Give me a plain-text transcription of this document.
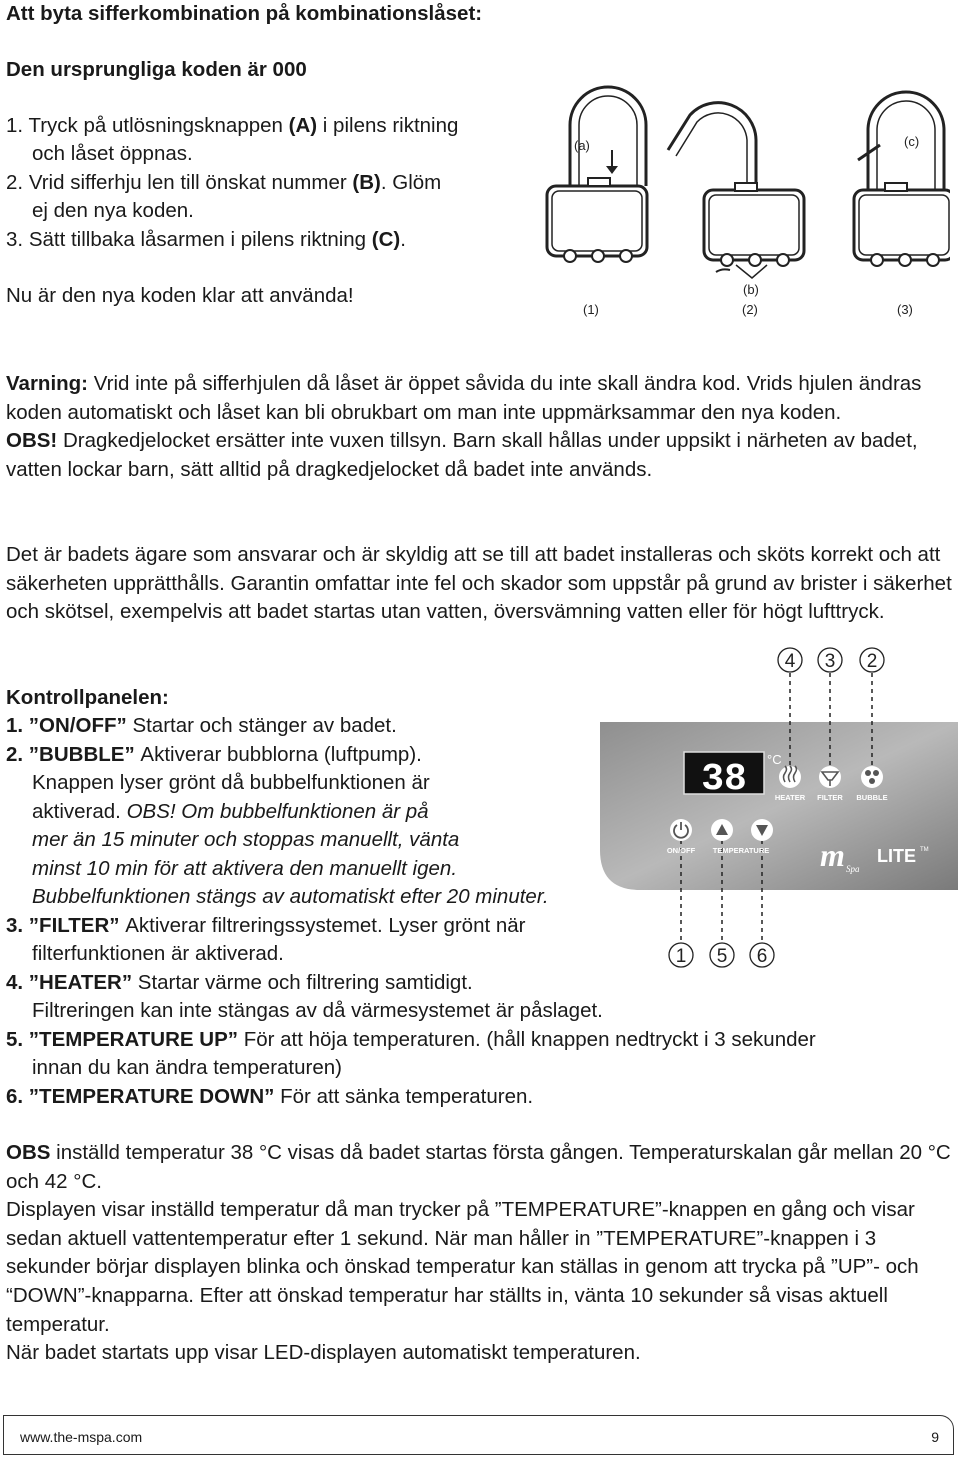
Att byta sifferkombination på kombinationslåset:
Den ursprungliga koden är 000
1. Tryck på utlösningsknappen (A) i pilens riktning
och låset öppnas.
2. Vrid sifferhju len till önskat nummer (B). Glöm
ej den nya koden.
3. Sätt tillbaka låsarmen i pilens riktning (C).
Nu är den nya koden klar att använda!
(a)
(b)
(c)
(1)	(2)	(3)
Varning: Vrid inte på sifferhjulen då låset är öppet såvida du inte skall ändra kod. Vrids hjulen ändras koden automatiskt och låset kan bli obrukbart om man inte uppmärksammar den nya koden.
OBS! Dragkedjelocket ersätter inte vuxen tillsyn. Barn skall hållas under uppsikt i närheten av badet, vatten lockar barn, sätt alltid på dragkedjelocket då badet inte används.
Det är badets ägare som ansvarar och är skyldig att se till att badet installeras och sköts korrekt och att säkerheten upprätthålls. Garantin omfattar inte fel och skador som uppstår på grund av brister i säkerhet och skötsel, exempelvis att badet startas utan vatten, översvämning vatten eller för högt lufttryck.
Kontrollpanelen:
1. ”ON/OFF” Startar och stänger av badet.
2. ”BUBBLE” Aktiverar bubblorna (luftpump).
Knappen lyser grönt då bubbelfunktionen är
aktiverad. OBS! Om bubbelfunktionen är på
mer än 15 minuter och stoppas manuellt, vänta
minst 10 min för att aktivera den manuellt igen.
Bubbelfunktionen stängs av automatiskt efter 20 minuter.
3. ”FILTER” Aktiverar filtreringssystemet. Lyser grönt när
filterfunktionen är aktiverad.
4. ”HEATER” Startar värme och filtrering samtidigt.
Filtreringen kan inte stängas av då värmesystemet är påslaget.
5. ”TEMPERATURE UP” För att höja temperaturen. (håll knappen nedtryckt i 3 sekunder
innan du kan ändra temperaturen)
6. ”TEMPERATURE DOWN” För att sänka temperaturen.
4 3 2
38 °C
HEATER FILTER BUBBLE
ON/OFF TEMPERATURE m Spa
LITE TM
1 5 6
OBS inställd temperatur 38 °C visas då badet startas första gången. Temperaturskalan går mellan 20 °C och 42 °C.
Displayen visar inställd temperatur då man trycker på ”TEMPERATURE”-knappen en gång och visar sedan aktuell vattentemperatur efter 1 sekund. När man håller in ”TEMPERATURE”-knappen i 3 sekunder börjar displayen blinka och önskad temperatur kan ställas in genom att trycka på ”UP”- och “DOWN”-knapparna. Efter att önskad temperatur har ställts in, vänta 10 sekunder så visas aktuell temperatur.
När badet startats upp visar LED-displayen automatiskt temperaturen.
www.the-mspa.com	9
